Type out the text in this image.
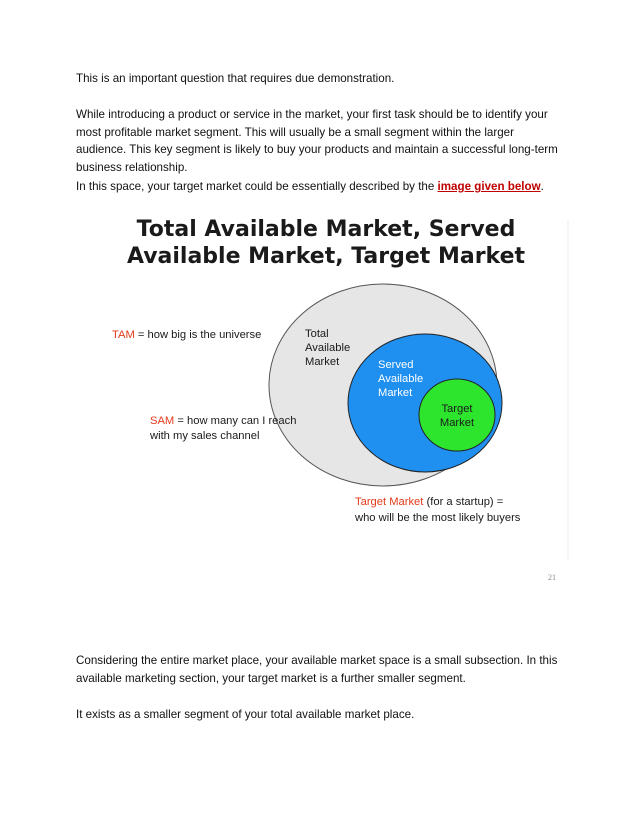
This is an important question that requires due demonstration.

While introducing a product or service in the market, your first task should be to identify your
most profitable market segment. This will usually be a small segment within the larger
audience. This key segment is likely to buy your products and maintain a successful long-term
business relationship.

In this space, your target market could be essentially described by the image given below.

Total Available Market, Served
Available Market, Target Market
Total
Available
Market	Served
Available
Market
Target
Market
TAM = how big is the universe
SAM = how many can I reach
with my sales channel
Target Market (for a startup) =
who will be the most likely buyers
21

Considering the entire market place, your available market space is a small subsection. In this
available marketing section, your target market is a further smaller segment.

It exists as a smaller segment of your total available market place.
